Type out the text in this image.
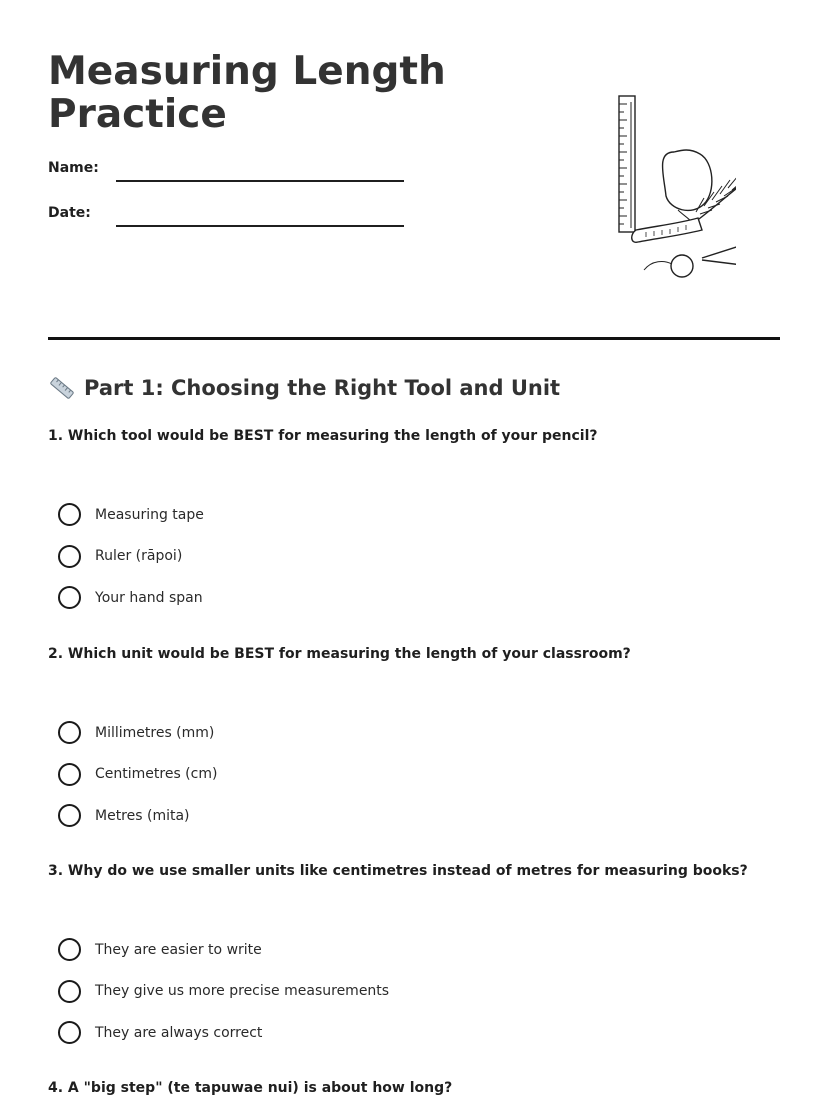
Measuring Length
Practice
Name:
Date:
Part 1: Choosing the Right Tool and Unit

1. Which tool would be BEST for measuring the length of your pencil?

Measuring tape
Ruler (rāpoi)
Your hand span

2. Which unit would be BEST for measuring the length of your classroom?

Millimetres (mm)
Centimetres (cm)
Metres (mita)

3. Why do we use smaller units like centimetres instead of metres for measuring books?

They are easier to write
They give us more precise measurements
They are always correct

4. A "big step" (te tapuwae nui) is about how long?
